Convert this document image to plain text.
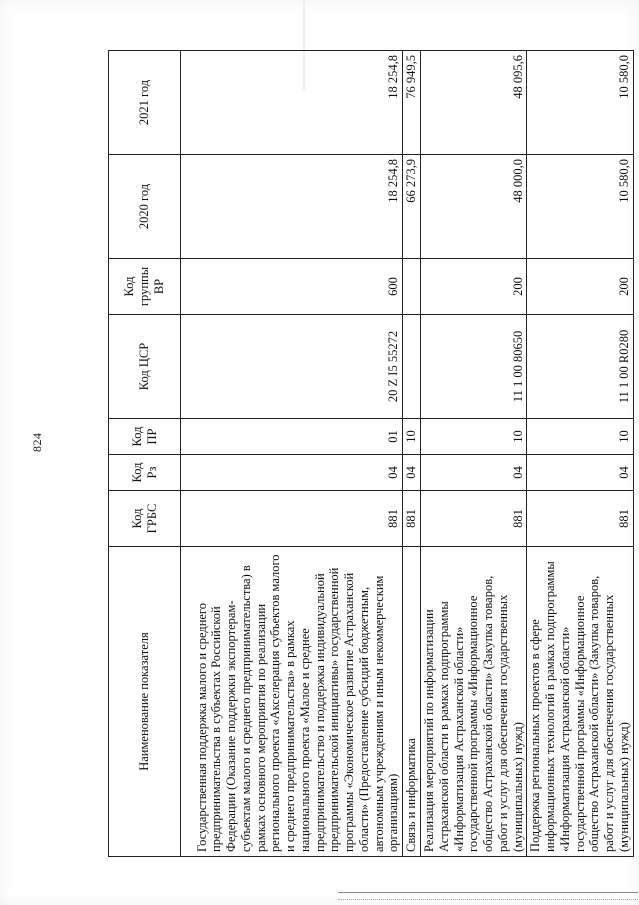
824
Наименование показателя	Код ГРБС	Код Рз	Код ПР	Код ЦСР	Код группы ВР	2020 год	2021 год
Государственная поддержка малого и среднего предпринимательства в субъектах Российской Федерации (Оказание поддержки экспортерам-субъектам малого и среднего предпринимательства) в рамках основного мероприятия по реализации регионального проекта «Акселерация субъектов малого и среднего предпринимательства» в рамках национального проекта «Малое и среднее предпринимательство и поддержка индивидуальной предпринимательской инициативы» государственной программы «Экономическое развитие Астраханской области» (Предоставление субсидий бюджетным, автономным учреждениям и иным некоммерческим организациям)	881	04	01	20 Z I5 55272	600	18 254,8	18 254,8
Связь и информатика	881	04	10			66 273,9	76 949,5
Реализация мероприятий по информатизации Астраханской области в рамках подпрограммы «Информатизация Астраханской области» государственной программы «Информационное общество Астраханской области» (Закупка товаров, работ и услуг для обеспечения государственных (муниципальных) нужд)	881	04	10	11 1 00 80650	200	48 000,0	48 095,6
Поддержка региональных проектов в сфере информационных технологий в рамках подпрограммы «Информатизация Астраханской области» государственной программы «Информационное общество Астраханской области» (Закупка товаров, работ и услуг для обеспечения государственных (муниципальных) нужд)	881	04	10	11 1 00 R0280	200	10 580,0	10 580,0
